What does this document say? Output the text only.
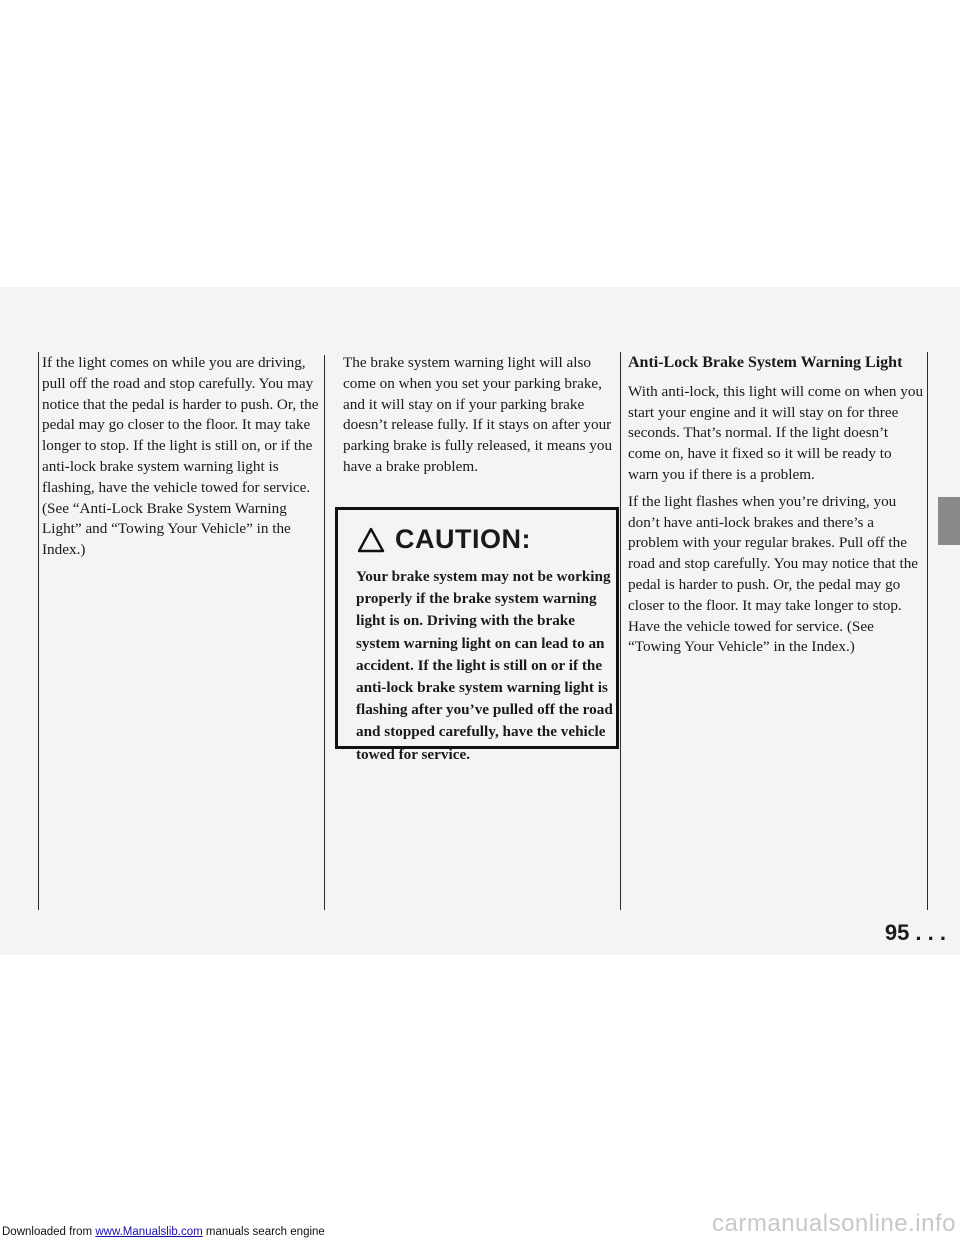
If the light comes on while you are driving, pull off the road and stop carefully. You may notice that the pedal is harder to push. Or, the pedal may go closer to the floor. It may take longer to stop. If the light is still on, or if the anti-lock brake system warning light is flashing, have the vehicle towed for service. (See “Anti-Lock Brake System Warning Light” and “Towing Your Vehicle” in the Index.)

The brake system warning light will also come on when you set your parking brake, and it will stay on if your parking brake doesn’t release fully. If it stays on after your parking brake is fully released, it means you have a brake problem.

CAUTION:
Your brake system may not be working properly if the brake system warning light is on. Driving with the brake system warning light on can lead to an accident. If the light is still on or if the anti-lock brake system warning light is flashing after you’ve pulled off the road and stopped carefully, have the vehicle towed for service.
Anti-Lock Brake System Warning Light

With anti-lock, this light will come on when you start your engine and it will stay on for three seconds. That’s normal. If the light doesn’t come on, have it fixed so it will be ready to warn you if there is a problem.

If the light flashes when you’re driving, you don’t have anti-lock brakes and there’s a problem with your regular brakes. Pull off the road and stop carefully. You may notice that the pedal is harder to push. Or, the pedal may go closer to the floor. It may take longer to stop. Have the vehicle towed for service. (See “Towing Your Vehicle” in the Index.)

95 . . .
carmanualsonline.info
Downloaded from www.Manualslib.com manuals search engine
